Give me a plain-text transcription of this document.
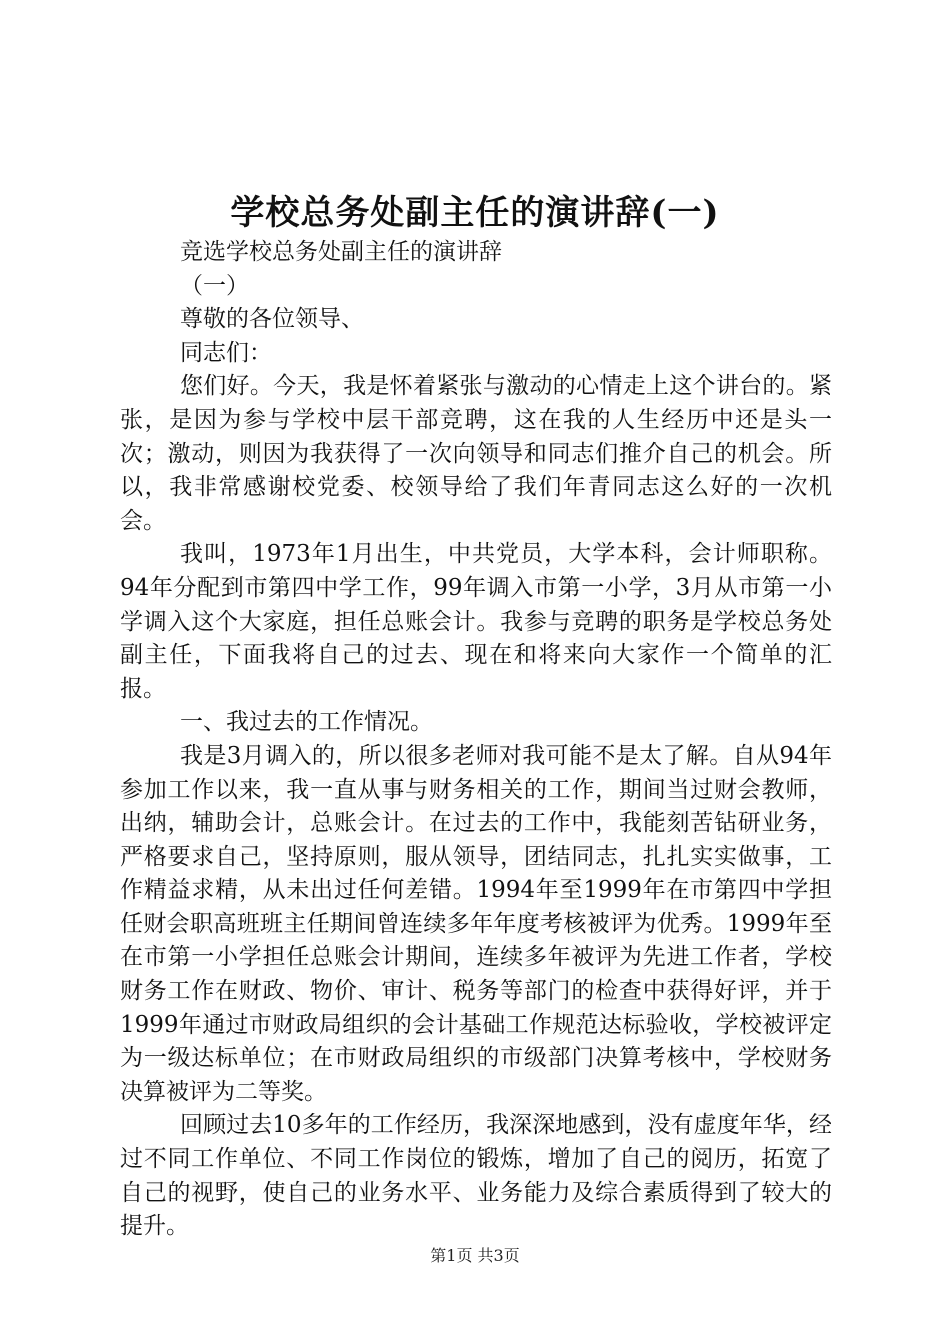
学校总务处副主任的演讲辞(一)

竞选学校总务处副主任的演讲辞

（一）

尊敬的各位领导、

同志们：

您们好。今天，我是怀着紧张与激动的心情走上这个讲台的。紧张，是因为参与学校中层干部竞聘，这在我的人生经历中还是头一次；激动，则因为我获得了一次向领导和同志们推介自己的机会。所以，我非常感谢校党委、校领导给了我们年青同志这么好的一次机会。

我叫，1973年1月出生，中共党员，大学本科，会计师职称。94年分配到市第四中学工作，99年调入市第一小学，3月从市第一小学调入这个大家庭，担任总账会计。我参与竞聘的职务是学校总务处副主任，下面我将自己的过去、现在和将来向大家作一个简单的汇报。

一、我过去的工作情况。

我是3月调入的，所以很多老师对我可能不是太了解。自从94年参加工作以来，我一直从事与财务相关的工作，期间当过财会教师，出纳，辅助会计，总账会计。在过去的工作中，我能刻苦钻研业务，严格要求自己，坚持原则，服从领导，团结同志，扎扎实实做事，工作精益求精，从未出过任何差错。1994年至1999年在市第四中学担任财会职高班班主任期间曾连续多年年度考核被评为优秀。1999年至在市第一小学担任总账会计期间，连续多年被评为先进工作者，学校财务工作在财政、物价、审计、税务等部门的检查中获得好评，并于1999年通过市财政局组织的会计基础工作规范达标验收，学校被评定为一级达标单位；在市财政局组织的市级部门决算考核中，学校财务决算被评为二等奖。

回顾过去10多年的工作经历，我深深地感到，没有虚度年华，经过不同工作单位、不同工作岗位的锻炼，增加了自己的阅历，拓宽了自己的视野，使自己的业务水平、业务能力及综合素质得到了较大的提升。

第1页 共3页
